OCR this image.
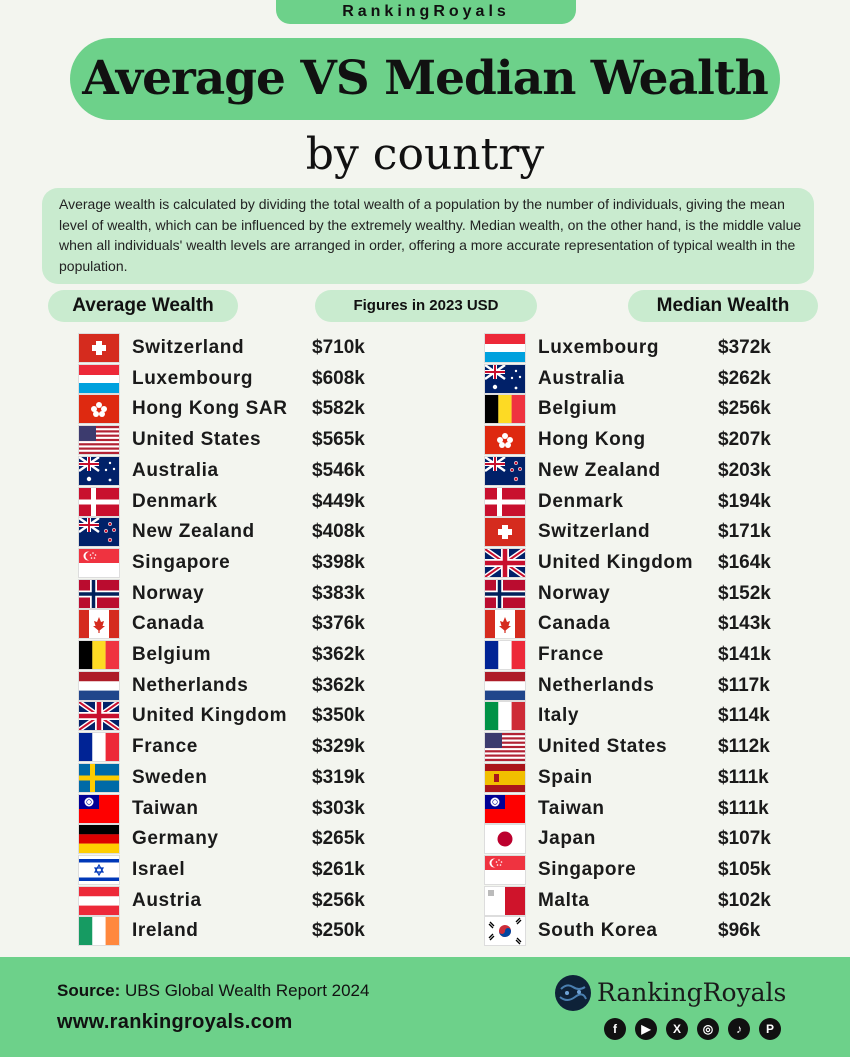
RankingRoyals
Average VS Median Wealth
by country
Average wealth is calculated by dividing the total wealth of a population by the number of individuals, giving the mean level of wealth, which can be influenced by the extremely wealthy. Median wealth, on the other hand, is the middle value when all individuals' wealth levels are arranged in order, offering a more accurate representation of typical wealth in the population.
Average Wealth	Figures in 2023 USD	Median Wealth
Switzerland	$710k
Luxembourg	$608k
Hong Kong SAR $582k
United States	$565k
Australia	$546k
Denmark	$449k
New Zealand	$408k
Singapore	$398k
Norway	$383k
Canada	$376k
Belgium	$362k
Netherlands	$362k
United Kingdom $350k
France	$329k
Sweden	$319k
Taiwan	$303k
Germany	$265k
Israel	$261k
Austria	$256k
Ireland	$250k
Luxembourg	$372k
Australia	$262k
Belgium	$256k
Hong Kong	$207k
New Zealand	$203k
Denmark	$194k
Switzerland	$171k
United Kingdom $164k
Norway	$152k
Canada	$143k
France	$141k
Netherlands	$117k
Italy	$114k
United States	$112k
Spain	$111k
Taiwan	$111k
Japan	$107k
Singapore	$105k
Malta	$102k
South Korea	$96k
Source: UBS Global Wealth Report 2024
www.rankingroyals.com
RankingRoyals
f	▶	X	◎	♪	P
